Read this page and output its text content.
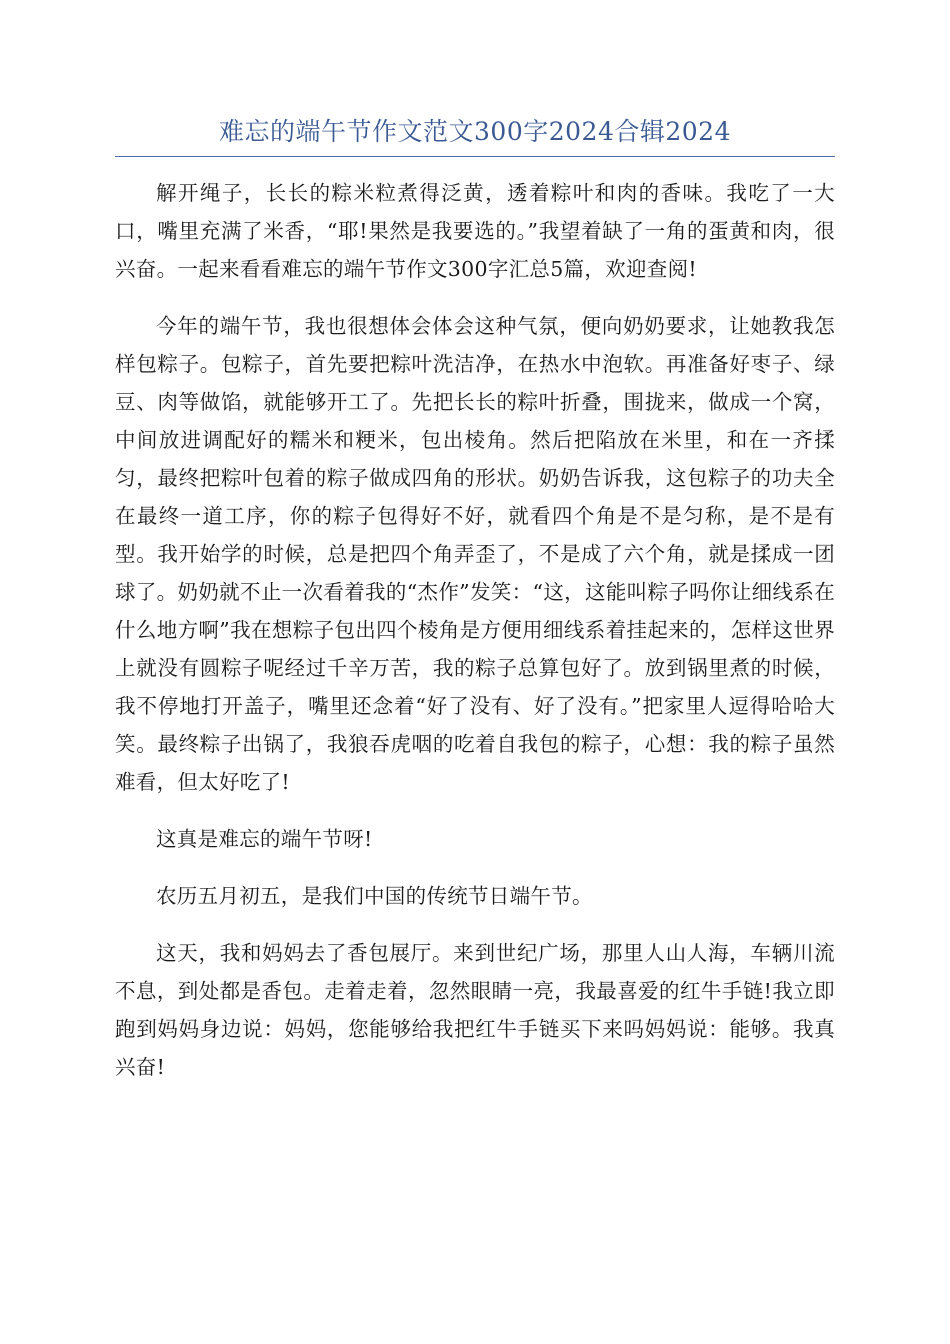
难忘的端午节作文范文300字2024合辑2024

解开绳子，长长的粽米粒煮得泛黄，透着粽叶和肉的香味。我吃了一大口，嘴里充满了米香，“耶!果然是我要选的。”我望着缺了一角的蛋黄和肉，很兴奋。一起来看看难忘的端午节作文300字汇总5篇，欢迎查阅!

今年的端午节，我也很想体会体会这种气氛，便向奶奶要求，让她教我怎样包粽子。包粽子，首先要把粽叶洗洁净，在热水中泡软。再准备好枣子、绿豆、肉等做馅，就能够开工了。先把长长的粽叶折叠，围拢来，做成一个窝，中间放进调配好的糯米和粳米，包出棱角。然后把陷放在米里，和在一齐揉匀，最终把粽叶包着的粽子做成四角的形状。奶奶告诉我，这包粽子的功夫全在最终一道工序，你的粽子包得好不好，就看四个角是不是匀称，是不是有型。我开始学的时候，总是把四个角弄歪了，不是成了六个角，就是揉成一团球了。奶奶就不止一次看着我的“杰作”发笑：“这，这能叫粽子吗你让细线系在什么地方啊”我在想粽子包出四个棱角是方便用细线系着挂起来的，怎样这世界上就没有圆粽子呢经过千辛万苦，我的粽子总算包好了。放到锅里煮的时候，我不停地打开盖子，嘴里还念着“好了没有、好了没有。”把家里人逗得哈哈大笑。最终粽子出锅了，我狼吞虎咽的吃着自我包的粽子，心想：我的粽子虽然难看，但太好吃了!

这真是难忘的端午节呀!

农历五月初五，是我们中国的传统节日端午节。

这天，我和妈妈去了香包展厅。来到世纪广场，那里人山人海，车辆川流不息，到处都是香包。走着走着，忽然眼睛一亮，我最喜爱的红牛手链!我立即跑到妈妈身边说：妈妈，您能够给我把红牛手链买下来吗妈妈说：能够。我真兴奋!
